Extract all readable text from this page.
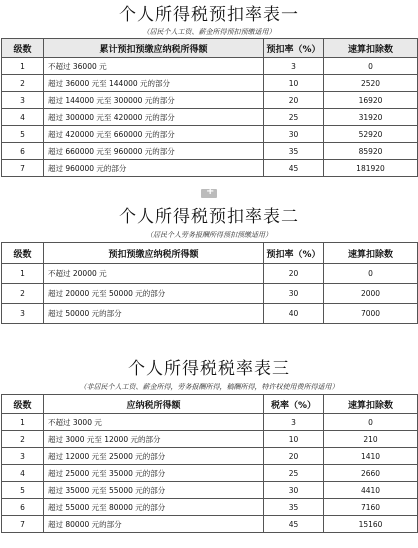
个人所得税预扣率表一
（居民个人工资、薪金所得预扣预缴适用）
级数	累计预扣预缴应纳税所得额	预扣率（%）	速算扣除数
1	不超过 36000 元	3	0
2	超过 36000 元至 144000 元的部分	10	2520
3	超过 144000 元至 300000 元的部分	20	16920
4	超过 300000 元至 420000 元的部分	25	31920
5	超过 420000 元至 660000 元的部分	30	52920
6	超过 660000 元至 960000 元的部分	35	85920
7	超过 960000 元的部分	45	181920
+
个人所得税预扣率表二
（居民个人劳务报酬所得预扣预缴适用）
级数	预扣预缴应纳税所得额	预扣率（%）	速算扣除数
1	不超过 20000 元	20	0
2	超过 20000 元至 50000 元的部分	30	2000
3	超过 50000 元的部分	40	7000
个人所得税税率表三
（非居民个人工资、薪金所得，劳务报酬所得，稿酬所得，特许权使用费所得适用）
级数	应纳税所得额	税率（%）	速算扣除数
1	不超过 3000 元	3	0
2	超过 3000 元至 12000 元的部分	10	210
3	超过 12000 元至 25000 元的部分	20	1410
4	超过 25000 元至 35000 元的部分	25	2660
5	超过 35000 元至 55000 元的部分	30	4410
6	超过 55000 元至 80000 元的部分	35	7160
7	超过 80000 元的部分	45	15160
